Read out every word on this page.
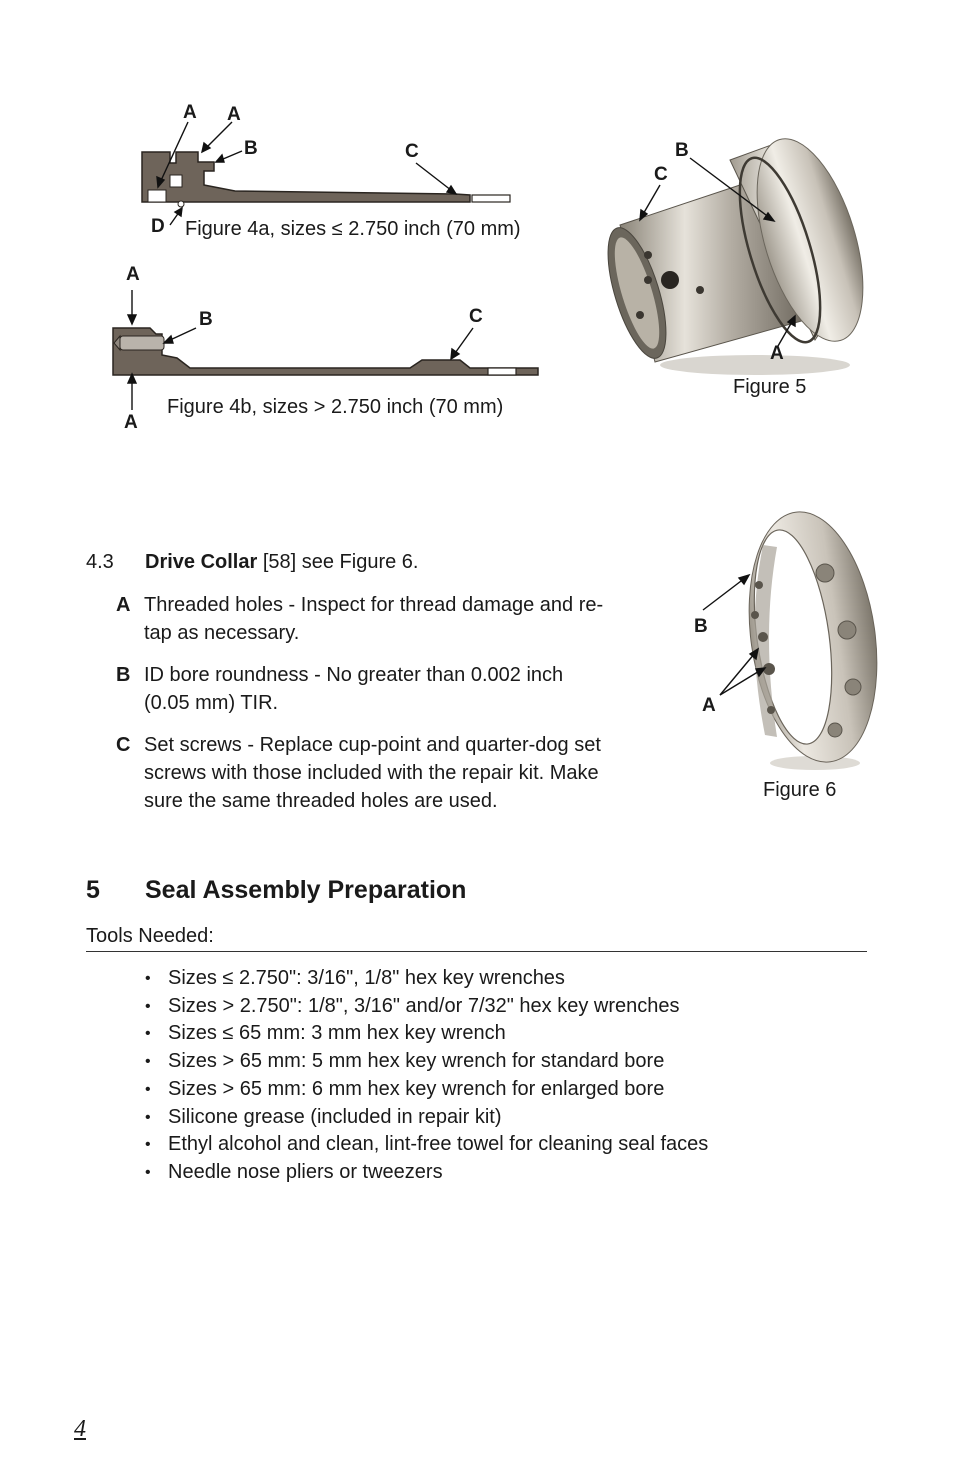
A A
B	C
D Figure 4a, sizes ≤ 2.750 inch (70 mm)
A
B	C
A
Figure 4b, sizes > 2.750 inch (70 mm)
B
C
A
Figure 5
4.3 Drive Collar [58] see Figure 6.
A Threaded holes - Inspect for thread damage and re-
tap as necessary.
B ID bore roundness - No greater than 0.002 inch
(0.05 mm) TIR.
C Set screws - Replace cup-point and quarter-dog set
screws with those included with the repair kit. Make
sure the same threaded holes are used.
B
A
Figure 6
5 Seal Assembly Preparation
Tools Needed:
• Sizes ≤ 2.750": 3/16", 1/8" hex key wrenches
• Sizes > 2.750": 1/8", 3/16" and/or 7/32" hex key wrenches
• Sizes ≤ 65 mm: 3 mm hex key wrench
• Sizes > 65 mm: 5 mm hex key wrench for standard bore
• Sizes > 65 mm: 6 mm hex key wrench for enlarged bore
• Silicone grease (included in repair kit)
• Ethyl alcohol and clean, lint-free towel for cleaning seal faces
• Needle nose pliers or tweezers
4
